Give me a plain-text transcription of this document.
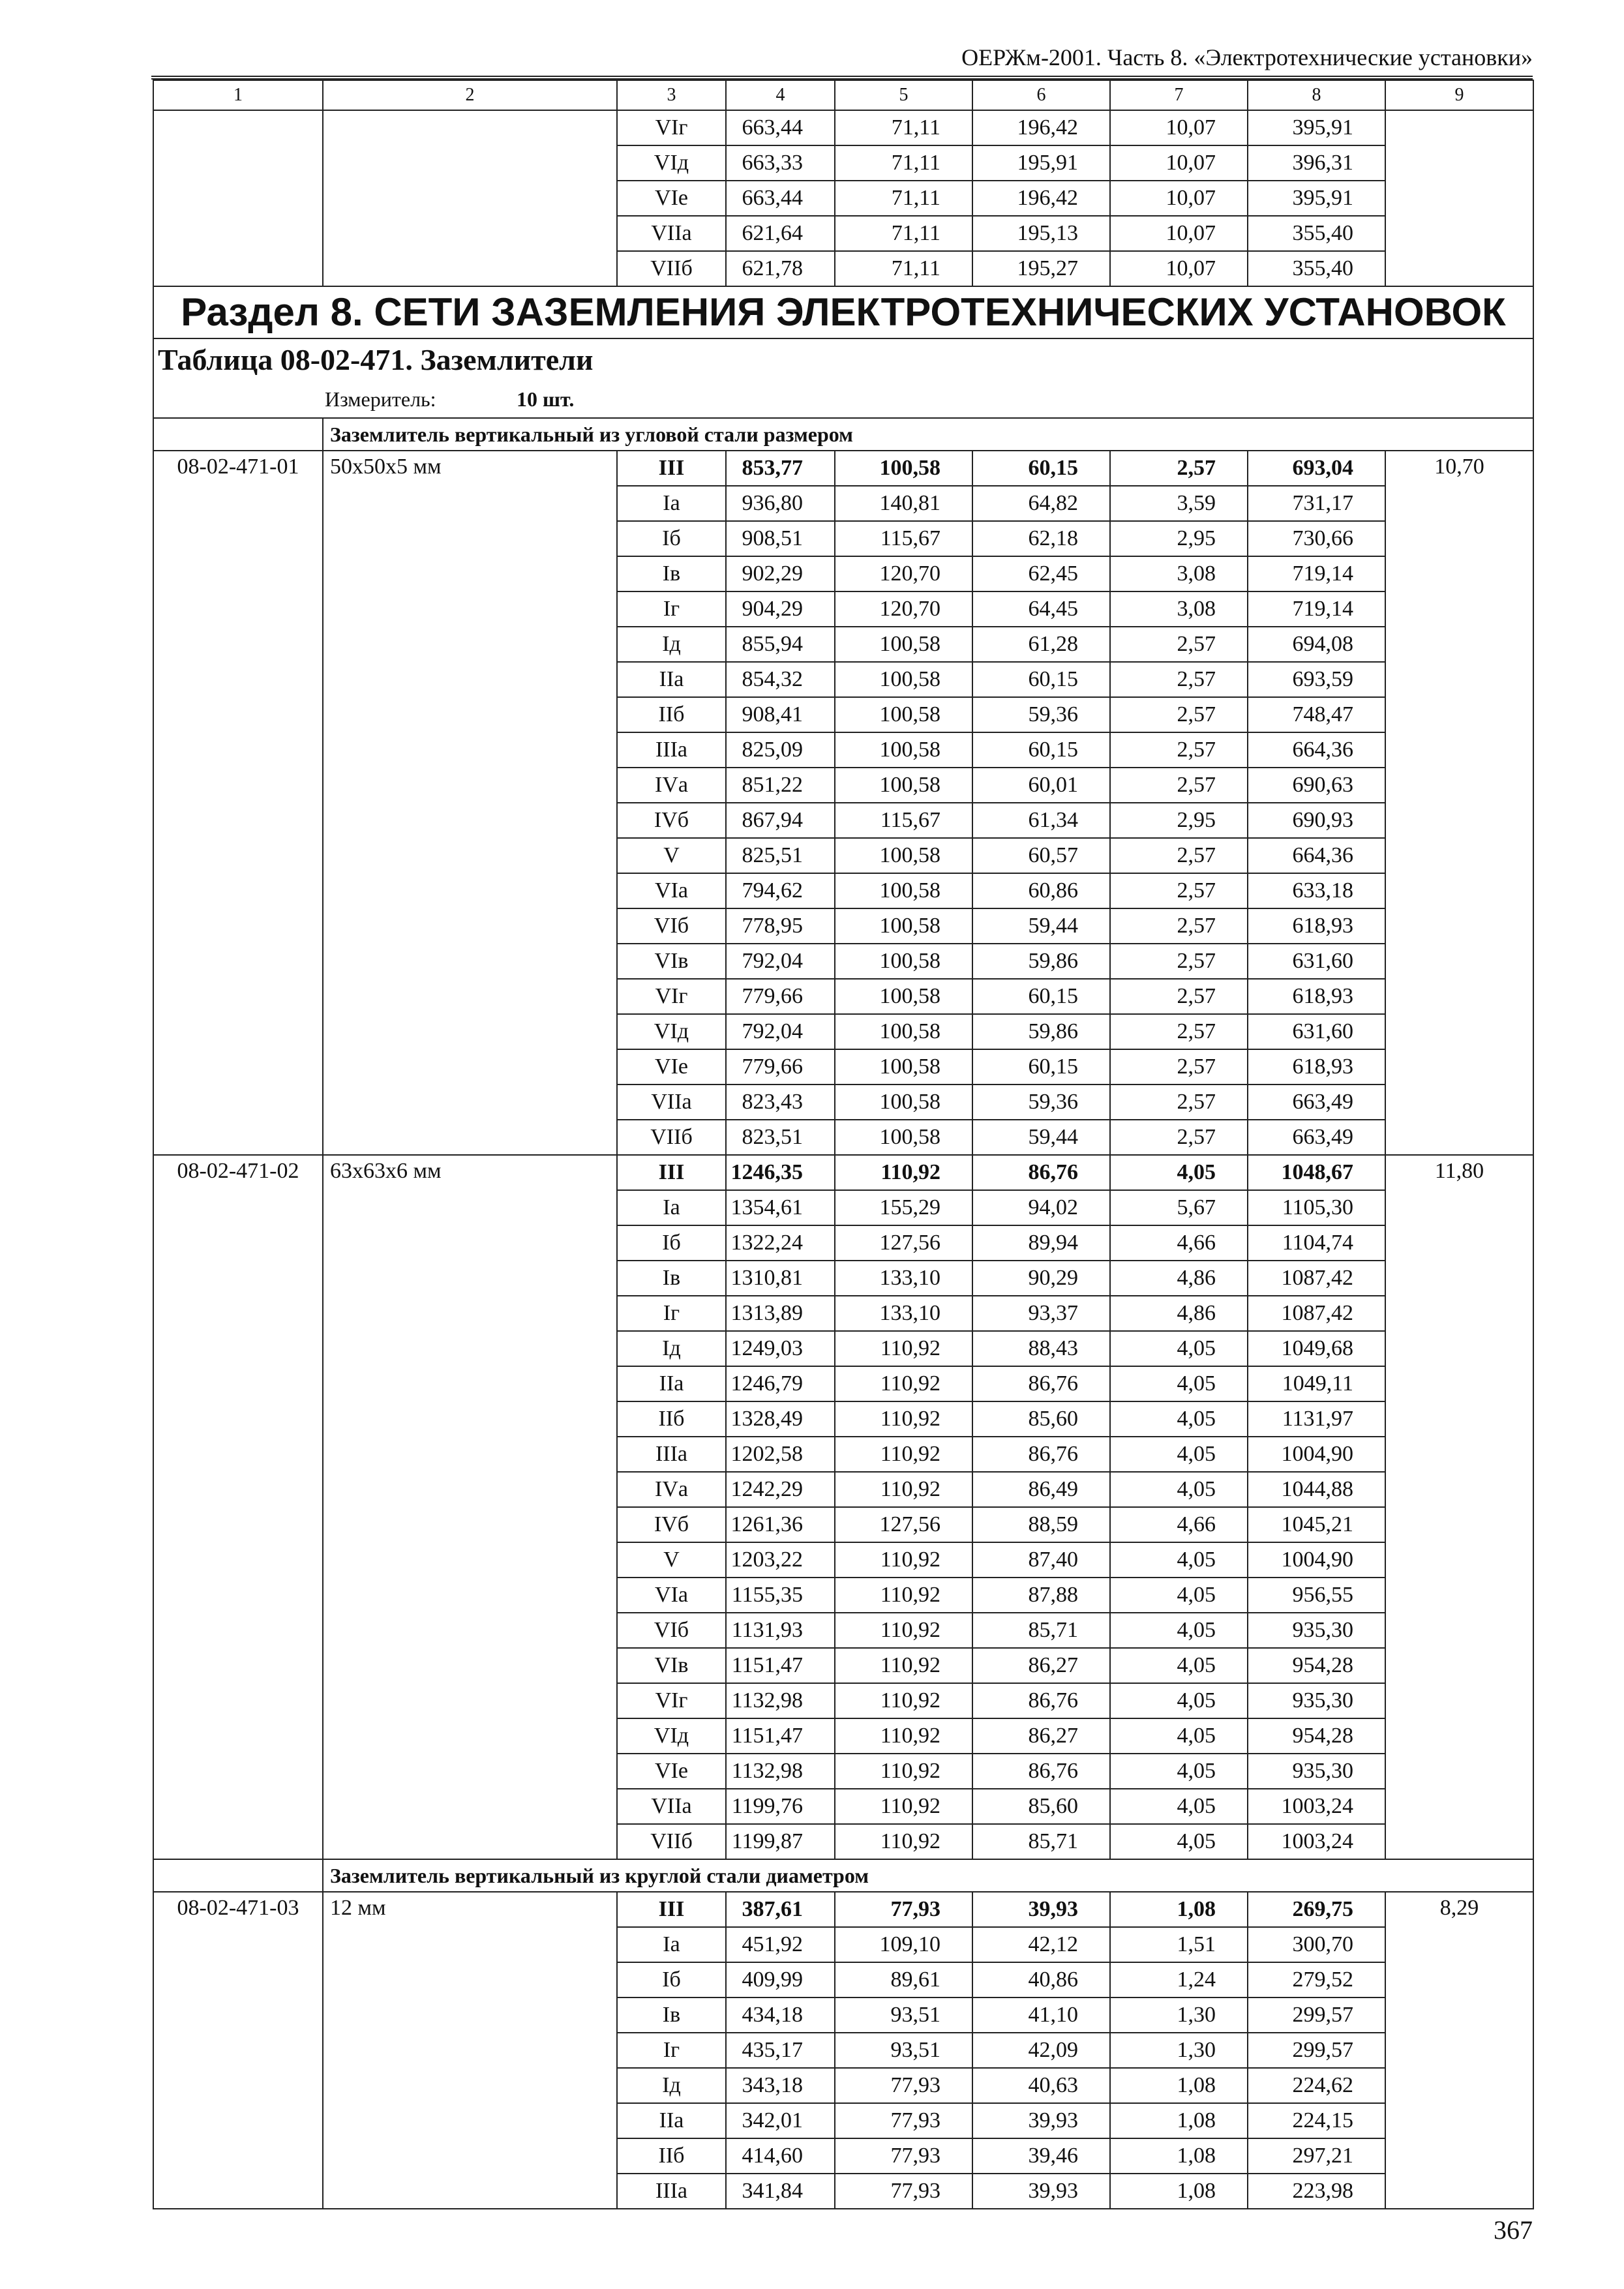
ОЕРЖм-2001. Часть 8. «Электротехнические установки»
1	2	3	4	5	6	7	8	9
		VIг	663,44	71,11	196,42	10,07	395,91	
		VIд	663,33	71,11	195,91	10,07	396,31	
		VIе	663,44	71,11	196,42	10,07	395,91	
		VIIа	621,64	71,11	195,13	10,07	355,40	
		VIIб	621,78	71,11	195,27	10,07	355,40	
Раздел 8. СЕТИ ЗАЗЕМЛЕНИЯ ЭЛЕКТРОТЕХНИЧЕСКИХ УСТАНОВОК								
Таблица 08-02-471. Заземлители								
Измеритель: 10 шт.								
	Заземлитель вертикальный из угловой стали размером							
08-02-471-01	50x50x5 мм	III	853,77	100,58	60,15	2,57	693,04	10,70
		Iа	936,80	140,81	64,82	3,59	731,17	
		Iб	908,51	115,67	62,18	2,95	730,66	
		Iв	902,29	120,70	62,45	3,08	719,14	
		Iг	904,29	120,70	64,45	3,08	719,14	
		Iд	855,94	100,58	61,28	2,57	694,08	
		IIа	854,32	100,58	60,15	2,57	693,59	
		IIб	908,41	100,58	59,36	2,57	748,47	
		IIIа	825,09	100,58	60,15	2,57	664,36	
		IVа	851,22	100,58	60,01	2,57	690,63	
		IVб	867,94	115,67	61,34	2,95	690,93	
		V	825,51	100,58	60,57	2,57	664,36	
		VIа	794,62	100,58	60,86	2,57	633,18	
		VIб	778,95	100,58	59,44	2,57	618,93	
		VIв	792,04	100,58	59,86	2,57	631,60	
		VIг	779,66	100,58	60,15	2,57	618,93	
		VIд	792,04	100,58	59,86	2,57	631,60	
		VIе	779,66	100,58	60,15	2,57	618,93	
		VIIа	823,43	100,58	59,36	2,57	663,49	
		VIIб	823,51	100,58	59,44	2,57	663,49	
08-02-471-02	63x63x6 мм	III	1246,35	110,92	86,76	4,05	1048,67	11,80
		Iа	1354,61	155,29	94,02	5,67	1105,30	
		Iб	1322,24	127,56	89,94	4,66	1104,74	
		Iв	1310,81	133,10	90,29	4,86	1087,42	
		Iг	1313,89	133,10	93,37	4,86	1087,42	
		Iд	1249,03	110,92	88,43	4,05	1049,68	
		IIа	1246,79	110,92	86,76	4,05	1049,11	
		IIб	1328,49	110,92	85,60	4,05	1131,97	
		IIIа	1202,58	110,92	86,76	4,05	1004,90	
		IVа	1242,29	110,92	86,49	4,05	1044,88	
		IVб	1261,36	127,56	88,59	4,66	1045,21	
		V	1203,22	110,92	87,40	4,05	1004,90	
		VIа	1155,35	110,92	87,88	4,05	956,55	
		VIб	1131,93	110,92	85,71	4,05	935,30	
		VIв	1151,47	110,92	86,27	4,05	954,28	
		VIг	1132,98	110,92	86,76	4,05	935,30	
		VIд	1151,47	110,92	86,27	4,05	954,28	
		VIе	1132,98	110,92	86,76	4,05	935,30	
		VIIа	1199,76	110,92	85,60	4,05	1003,24	
		VIIб	1199,87	110,92	85,71	4,05	1003,24	
	Заземлитель вертикальный из круглой стали диаметром							
08-02-471-03	12 мм	III	387,61	77,93	39,93	1,08	269,75	8,29
		Iа	451,92	109,10	42,12	1,51	300,70	
		Iб	409,99	89,61	40,86	1,24	279,52	
		Iв	434,18	93,51	41,10	1,30	299,57	
		Iг	435,17	93,51	42,09	1,30	299,57	
		Iд	343,18	77,93	40,63	1,08	224,62	
		IIа	342,01	77,93	39,93	1,08	224,15	
		IIб	414,60	77,93	39,46	1,08	297,21	
		IIIа	341,84	77,93	39,93	1,08	223,98	
367
